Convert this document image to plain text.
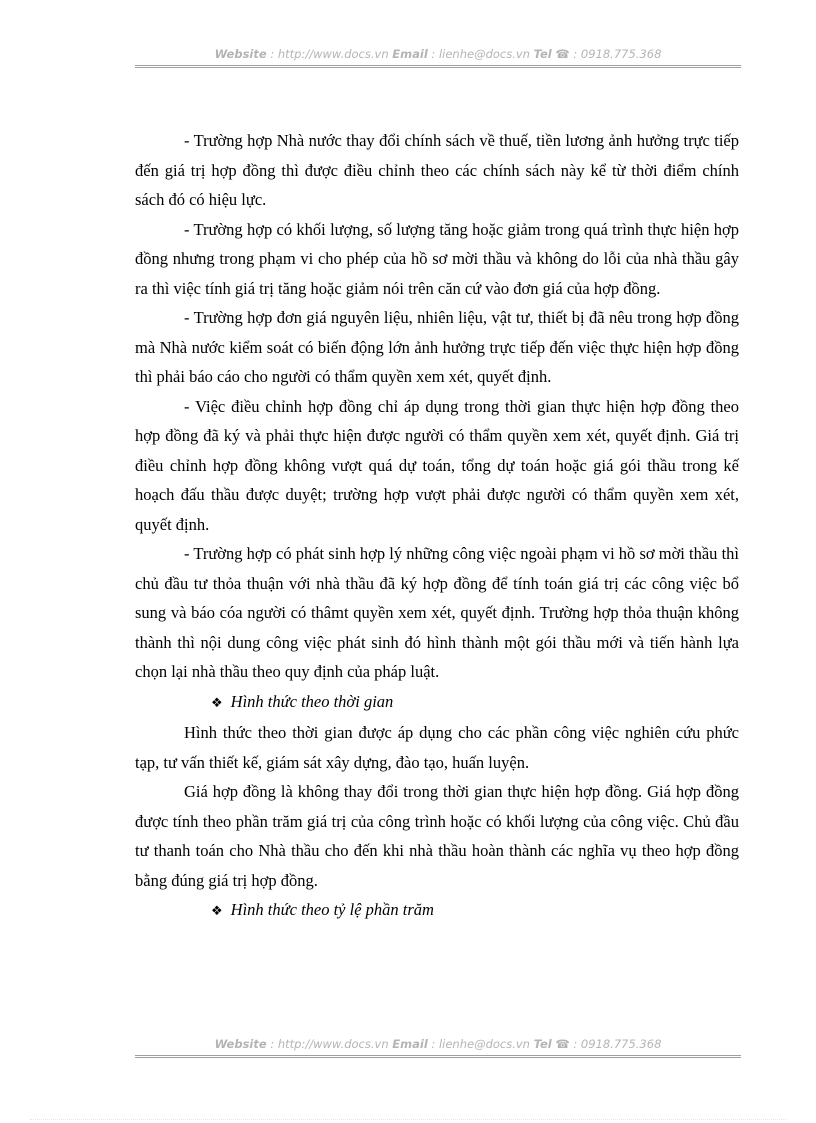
Website : http://www.docs.vn Email : lienhe@docs.vn Tel ☎ : 0918.775.368

- Trường hợp Nhà nước thay đổi chính sách về thuế, tiền lương ảnh hưởng trực tiếp đến giá trị hợp đồng thì được điều chỉnh theo các chính sách này kể từ thời điểm chính sách đó có hiệu lực.

- Trường hợp có khối lượng, số lượng tăng hoặc giảm trong quá trình thực hiện hợp đồng nhưng trong phạm vi cho phép của hồ sơ mời thầu và không do lỗi của nhà thầu gây ra thì việc tính giá trị tăng hoặc giảm nói trên căn cứ vào đơn giá của hợp đồng.

- Trường hợp đơn giá nguyên liệu, nhiên liệu, vật tư, thiết bị đã nêu trong hợp đồng mà Nhà nước kiểm soát có biến động lớn ảnh hưởng trực tiếp đến việc thực hiện hợp đồng thì phải báo cáo cho người có thẩm quyền xem xét, quyết định.

- Việc điều chỉnh hợp đồng chỉ áp dụng trong thời gian thực hiện hợp đồng theo hợp đồng đã ký và phải thực hiện được người có thẩm quyền xem xét, quyết định. Giá trị điều chỉnh hợp đồng không vượt quá dự toán, tổng dự toán hoặc giá gói thầu trong kế hoạch đấu thầu được duyệt; trường hợp vượt phải được người có thẩm quyền xem xét, quyết định.

- Trường hợp có phát sinh hợp lý những công việc ngoài phạm vi hồ sơ mời thầu thì chủ đầu tư thỏa thuận với nhà thầu đã ký hợp đồng để tính toán giá trị các công việc bổ sung và báo cóa người có thâmt quyền xem xét, quyết định. Trường hợp thỏa thuận không thành thì nội dung công việc phát sinh đó hình thành một gói thầu mới và tiến hành lựa chọn lại nhà thầu theo quy định của pháp luật.

❖ Hình thức theo thời gian

Hình thức theo thời gian được áp dụng cho các phần công việc nghiên cứu phức tạp, tư vấn thiết kế, giám sát xây dựng, đào tạo, huấn luyện.

Giá hợp đồng là không thay đổi trong thời gian thực hiện hợp đồng. Giá hợp đồng được tính theo phần trăm giá trị của công trình hoặc có khối lượng của công việc. Chủ đầu tư thanh toán cho Nhà thầu cho đến khi nhà thầu hoàn thành các nghĩa vụ theo hợp đồng bằng đúng giá trị hợp đồng.

❖ Hình thức theo tỷ lệ phần trăm

Website : http://www.docs.vn Email : lienhe@docs.vn Tel ☎ : 0918.775.368
